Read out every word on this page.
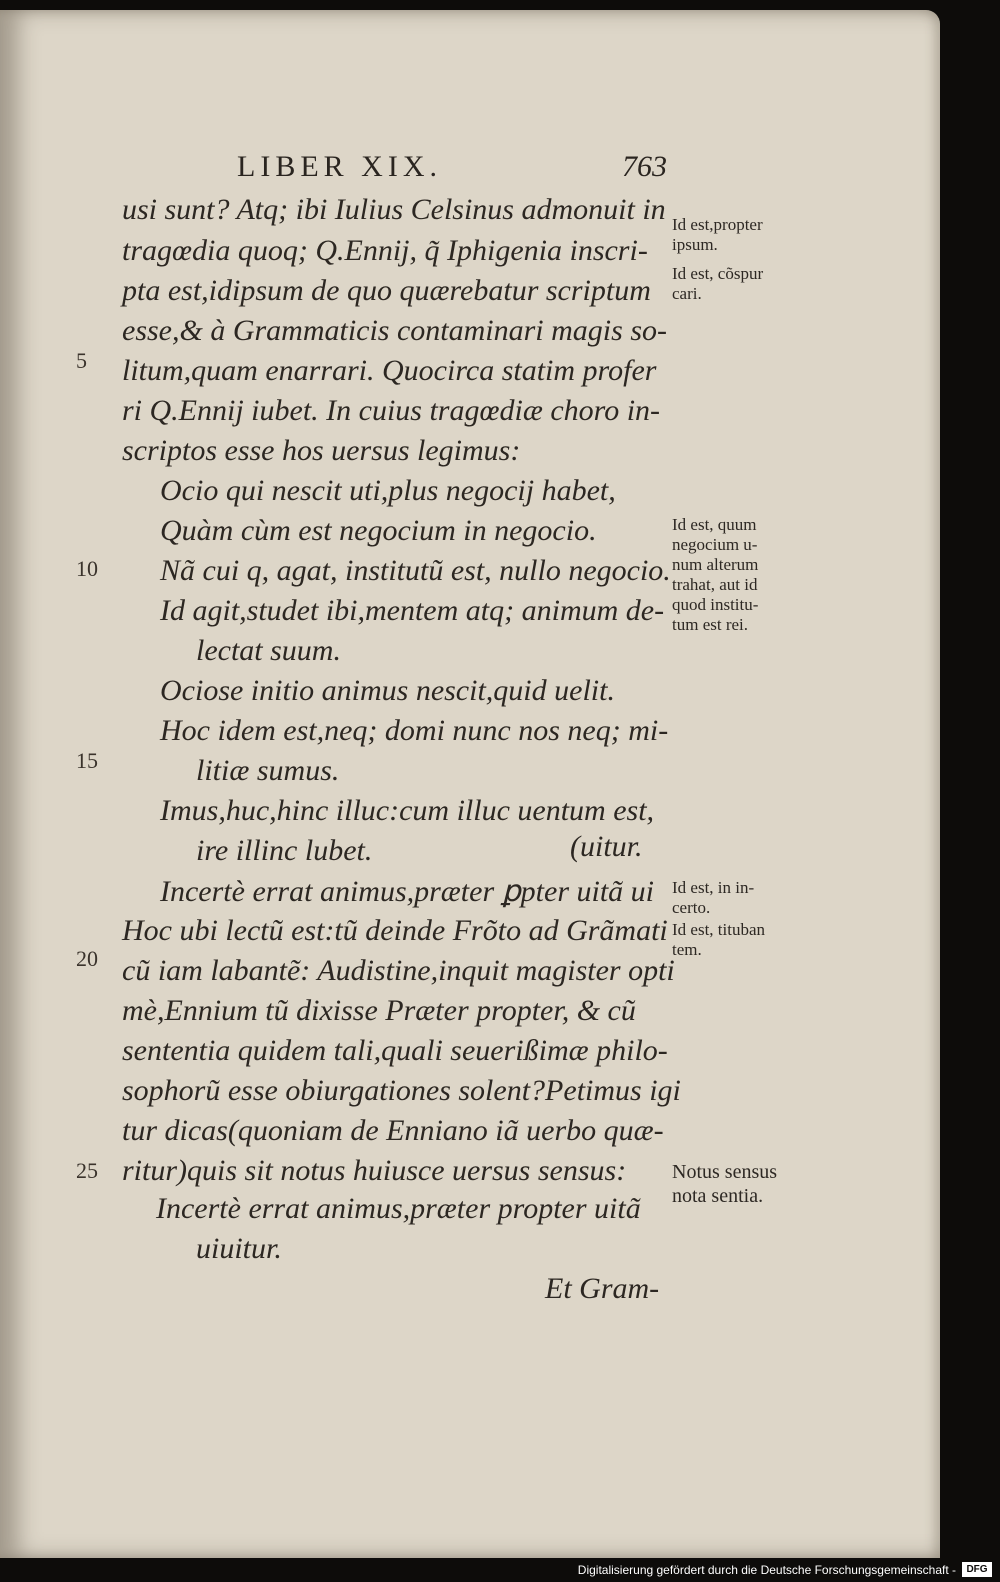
LIBER XIX.	763
usi sunt? Atq; ibi Iulius Celsinus admonuit in
tragœdia quoq; Q.Ennij, q̃ Iphigenia inscri-
pta est,idipsum de quo quærebatur scriptum
esse,& à Grammaticis contaminari magis so-
litum,quam enarrari. Quocirca statim profer
ri Q.Ennij iubet. In cuius tragœdiæ choro in-
scriptos esse hos uersus legimus:
Ocio qui nescit uti,plus negocij habet,
Quàm cùm est negocium in negocio.
Nã cui q, agat, institutũ est, nullo negocio.
Id agit,studet ibi,mentem atq; animum de-
lectat suum.
Ociose initio animus nescit,quid uelit.
Hoc idem est,neq; domi nunc nos neq; mi-
litiæ sumus.
Imus,huc,hinc illuc:cum illuc uentum est,
ire illinc lubet.	(uitur.
Incertè errat animus,præter ꝑpter uitã ui
Hoc ubi lectũ est:tũ deinde Frõto ad Grãmati
cũ iam labantẽ: Audistine,inquit magister opti
mè,Ennium tũ dixisse Præter propter, & cũ
sententia quidem tali,quali seuerißimæ philo-
sophorũ esse obiurgationes solent?Petimus igi
tur dicas(quoniam de Enniano iã uerbo quæ-
ritur)quis sit notus huiusce uersus sensus:
Incertè errat animus,præter propter uitã
uiuitur.
Et Gram-
5
10
15
20
25
Id est,propter
ipsum.
Id est, cõspur
cari.
Id est, quum
negocium u-
num alterum
trahat, aut id
quod institu-
tum est rei.
Id est, in in-
certo.
Id est, tituban
tem.
Notus sensus
nota sentia.
Digitalisierung gefördert durch die Deutsche Forschungsgemeinschaft -	DFG
